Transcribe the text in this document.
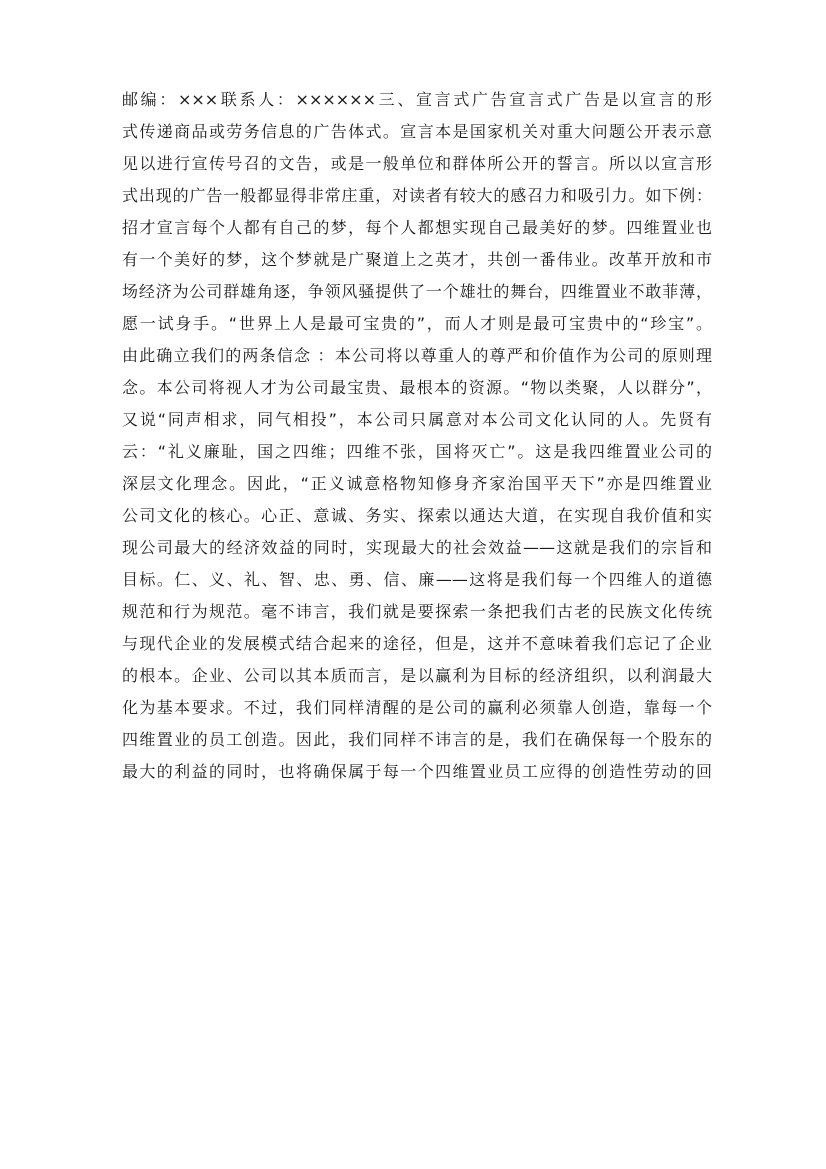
邮编：×××联系人：××××××三、宣言式广告宣言式广告是以宣言的形
式传递商品或劳务信息的广告体式。宣言本是国家机关对重大问题公开表示意
见以进行宣传号召的文告，或是一般单位和群体所公开的誓言。所以以宣言形
式出现的广告一般都显得非常庄重，对读者有较大的感召力和吸引力。如下例：
招才宣言每个人都有自己的梦，每个人都想实现自己最美好的梦。四维置业也
有一个美好的梦，这个梦就是广聚道上之英才，共创一番伟业。改革开放和市
场经济为公司群雄角逐，争领风骚提供了一个雄壮的舞台，四维置业不敢菲薄，
愿一试身手。“世界上人是最可宝贵的”，而人才则是最可宝贵中的“珍宝”。
由此确立我们的两条信念 ：本公司将以尊重人的尊严和价值作为公司的原则理
念。本公司将视人才为公司最宝贵、最根本的资源。“物以类聚，人以群分”，
又说“同声相求，同气相投”，本公司只属意对本公司文化认同的人。先贤有
云：“礼义廉耻，国之四维；四维不张，国将灭亡”。这是我四维置业公司的
深层文化理念。因此，“正义诚意格物知修身齐家治国平天下”亦是四维置业
公司文化的核心。心正、意诚、务实、探索以通达大道，在实现自我价值和实
现公司最大的经济效益的同时，实现最大的社会效益——这就是我们的宗旨和
目标。仁、义、礼、智、忠、勇、信、廉——这将是我们每一个四维人的道德
规范和行为规范。毫不讳言，我们就是要探索一条把我们古老的民族文化传统
与现代企业的发展模式结合起来的途径，但是，这并不意味着我们忘记了企业
的根本。企业、公司以其本质而言，是以赢利为目标的经济组织，以利润最大
化为基本要求。不过，我们同样清醒的是公司的赢利必须靠人创造，靠每一个
四维置业的员工创造。因此，我们同样不讳言的是，我们在确保每一个股东的
最大的利益的同时，也将确保属于每一个四维置业员工应得的创造性劳动的回
